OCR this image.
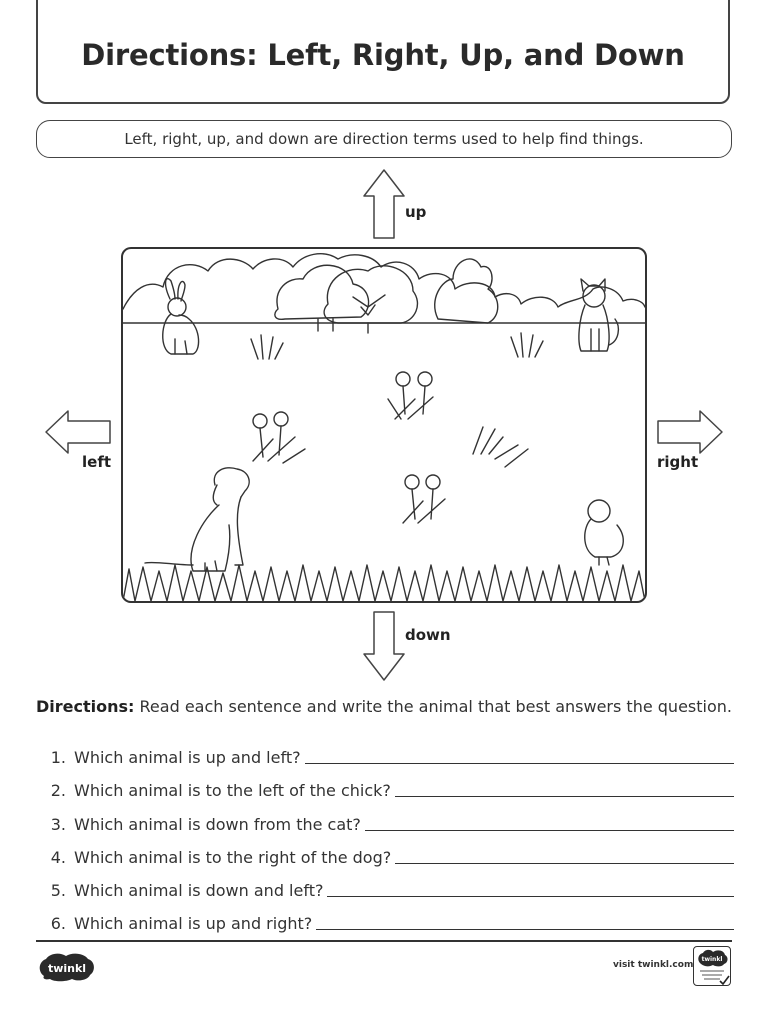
Directions: Left, Right, Up, and Down
Left, right, up, and down are direction terms used to help find things.
up
left	right
down
Directions: Read each sentence and write the animal that best answers the question.
1. Which animal is up and left?
2. Which animal is to the left of the chick?
3. Which animal is down from the cat?
4. Which animal is to the right of the dog?
5. Which animal is down and left?
6. Which animal is up and right?
twinkl	visit twinkl.com
twinkl
